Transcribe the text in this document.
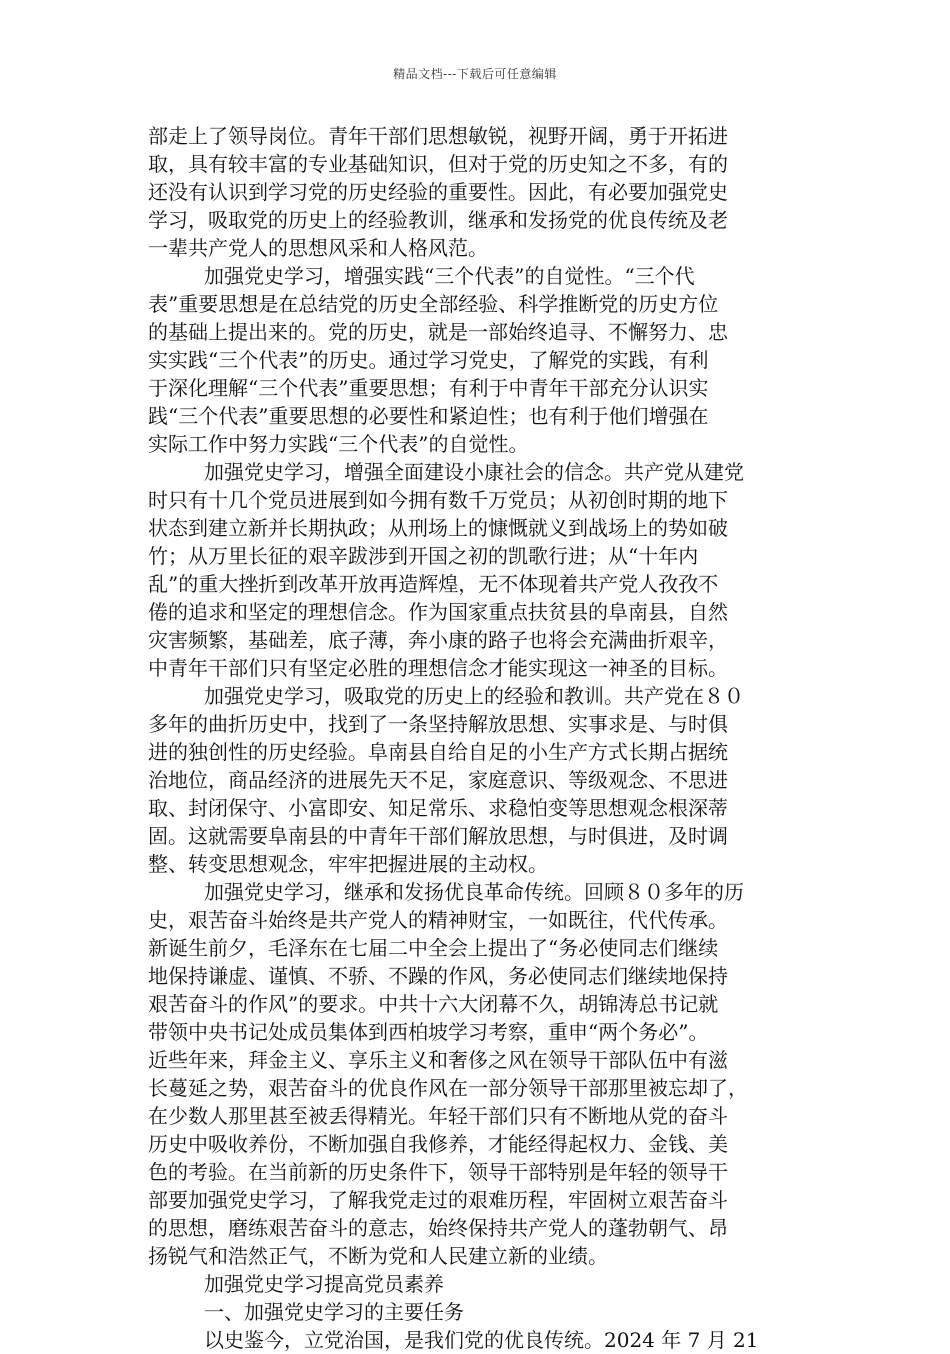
精品文档---下载后可任意编辑
部走上了领导岗位。青年干部们思想敏锐，视野开阔，勇于开拓进
取，具有较丰富的专业基础知识，但对于党的历史知之不多，有的
还没有认识到学习党的历史经验的重要性。因此，有必要加强党史
学习，吸取党的历史上的经验教训，继承和发扬党的优良传统及老
一辈共产党人的思想风采和人格风范。
加强党史学习，增强实践“三个代表”的自觉性。“三个代
表”重要思想是在总结党的历史全部经验、科学推断党的历史方位
的基础上提出来的。党的历史，就是一部始终追寻、不懈努力、忠
实实践“三个代表”的历史。通过学习党史，了解党的实践，有利
于深化理解“三个代表”重要思想；有利于中青年干部充分认识实
践“三个代表”重要思想的必要性和紧迫性；也有利于他们增强在
实际工作中努力实践“三个代表”的自觉性。
加强党史学习，增强全面建设小康社会的信念。共产党从建党
时只有十几个党员进展到如今拥有数千万党员；从初创时期的地下
状态到建立新并长期执政；从刑场上的慷慨就义到战场上的势如破
竹；从万里长征的艰辛跋涉到开国之初的凯歌行进；从“十年内
乱”的重大挫折到改革开放再造辉煌，无不体现着共产党人孜孜不
倦的追求和坚定的理想信念。作为国家重点扶贫县的阜南县，自然
灾害频繁，基础差，底子薄，奔小康的路子也将会充满曲折艰辛，
中青年干部们只有坚定必胜的理想信念才能实现这一神圣的目标。
加强党史学习，吸取党的历史上的经验和教训。共产党在８０
多年的曲折历史中，找到了一条坚持解放思想、实事求是、与时俱
进的独创性的历史经验。阜南县自给自足的小生产方式长期占据统
治地位，商品经济的进展先天不足，家庭意识、等级观念、不思进
取、封闭保守、小富即安、知足常乐、求稳怕变等思想观念根深蒂
固。这就需要阜南县的中青年干部们解放思想，与时俱进，及时调
整、转变思想观念，牢牢把握进展的主动权。
加强党史学习，继承和发扬优良革命传统。回顾８０多年的历
史，艰苦奋斗始终是共产党人的精神财宝，一如既往，代代传承。
新诞生前夕，毛泽东在七届二中全会上提出了“务必使同志们继续
地保持谦虚、谨慎、不骄、不躁的作风，务必使同志们继续地保持
艰苦奋斗的作风”的要求。中共十六大闭幕不久，胡锦涛总书记就
带领中央书记处成员集体到西柏坡学习考察，重申“两个务必”。
近些年来，拜金主义、享乐主义和奢侈之风在领导干部队伍中有滋
长蔓延之势，艰苦奋斗的优良作风在一部分领导干部那里被忘却了，
在少数人那里甚至被丢得精光。年轻干部们只有不断地从党的奋斗
历史中吸收养份，不断加强自我修养，才能经得起权力、金钱、美
色的考验。在当前新的历史条件下，领导干部特别是年轻的领导干
部要加强党史学习，了解我党走过的艰难历程，牢固树立艰苦奋斗
的思想，磨练艰苦奋斗的意志，始终保持共产党人的蓬勃朝气、昂
扬锐气和浩然正气，不断为党和人民建立新的业绩。
加强党史学习提高党员素养
一、加强党史学习的主要任务
以史鉴今，立党治国，是我们党的优良传统。2024 年 7 月 21
